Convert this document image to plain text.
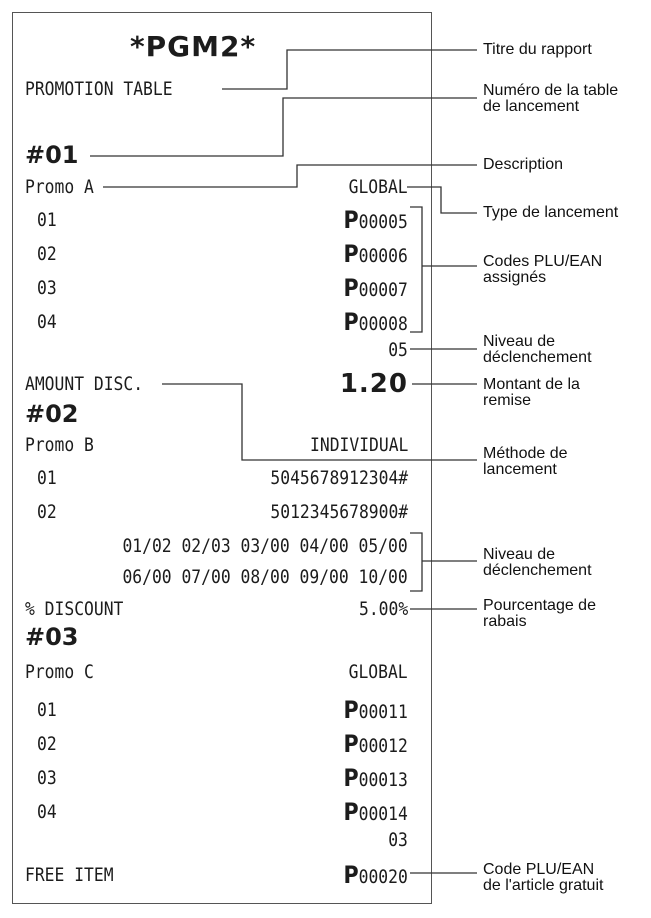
*PGM2*
PROMOTION TABLE
#01
Promo A	GLOBAL
01	P00005
02	P00006
03	P00007
04	P00008
05
AMOUNT DISC.	1.20
#02
Promo B	INDIVIDUAL
01	5045678912304#
02	5012345678900#
01/02 02/03 03/00 04/00 05/00
06/00 07/00 08/00 09/00 10/00
% DISCOUNT	5.00%
#03
Promo C	GLOBAL
01	P00011
02	P00012
03	P00013
04	P00014
03
FREE ITEM	P00020
Titre du rapport
Numéro de la table
de lancement
Description
Type de lancement
Codes PLU/EAN
assignés
Niveau de
déclenchement
Montant de la
remise
Méthode de
lancement
Niveau de
déclenchement
Pourcentage de
rabais
Code PLU/EAN
de l'article gratuit
